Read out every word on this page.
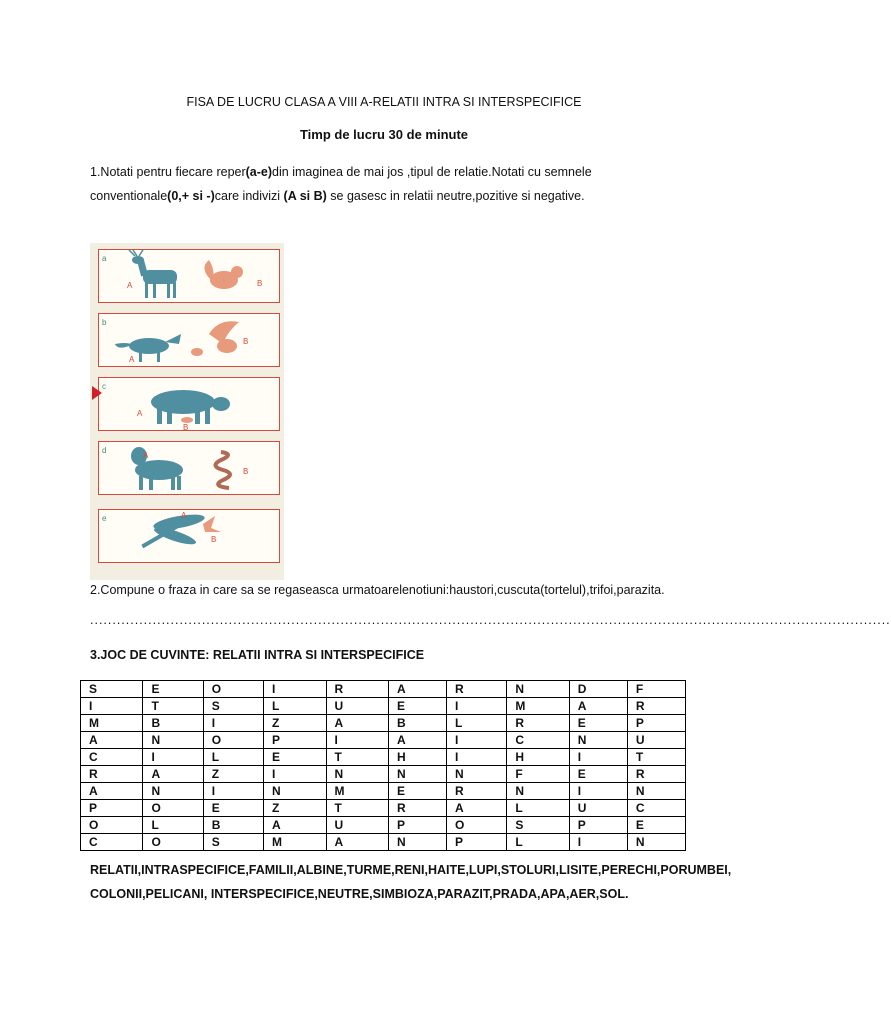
FISA DE LUCRU CLASA A VIII A-RELATII INTRA SI INTERSPECIFICE
Timp de lucru 30 de minute
1.Notati pentru fiecare reper(a-e)din imaginea de mai jos ,tipul de relatie.Notati cu semnele conventionale(0,+ si -)care indivizi (A si B) se gasesc in relatii neutre,pozitive si negative.
a
A	B
b
A
B
c
A
B
d
A
B
e	A
B
2.Compune o fraza in care sa se regaseasca urmatoarelenotiuni:haustori,cuscuta(tortelul),trifoi,parazita.
...................................................................................................................................................................................
3.JOC DE CUVINTE: RELATII INTRA SI INTERSPECIFICE
S	E	O	I	R	A	R	N	D	F
I	T	S	L	U	E	I	M	A	R
M	B	I	Z	A	B	L	R	E	P
A	N	O	P	I	A	I	C	N	U
C	I	L	E	T	H	I	H	I	T
R	A	Z	I	N	N	N	F	E	R
A	N	I	N	M	E	R	N	I	N
P	O	E	Z	T	R	A	L	U	C
O	L	B	A	U	P	O	S	P	E
C	O	S	M	A	N	P	L	I	N
RELATII,INTRASPECIFICE,FAMILII,ALBINE,TURME,RENI,HAITE,LUPI,STOLURI,LISITE,PERECHI,PORUMBEI, COLONII,PELICANI, INTERSPECIFICE,NEUTRE,SIMBIOZA,PARAZIT,PRADA,APA,AER,SOL.
